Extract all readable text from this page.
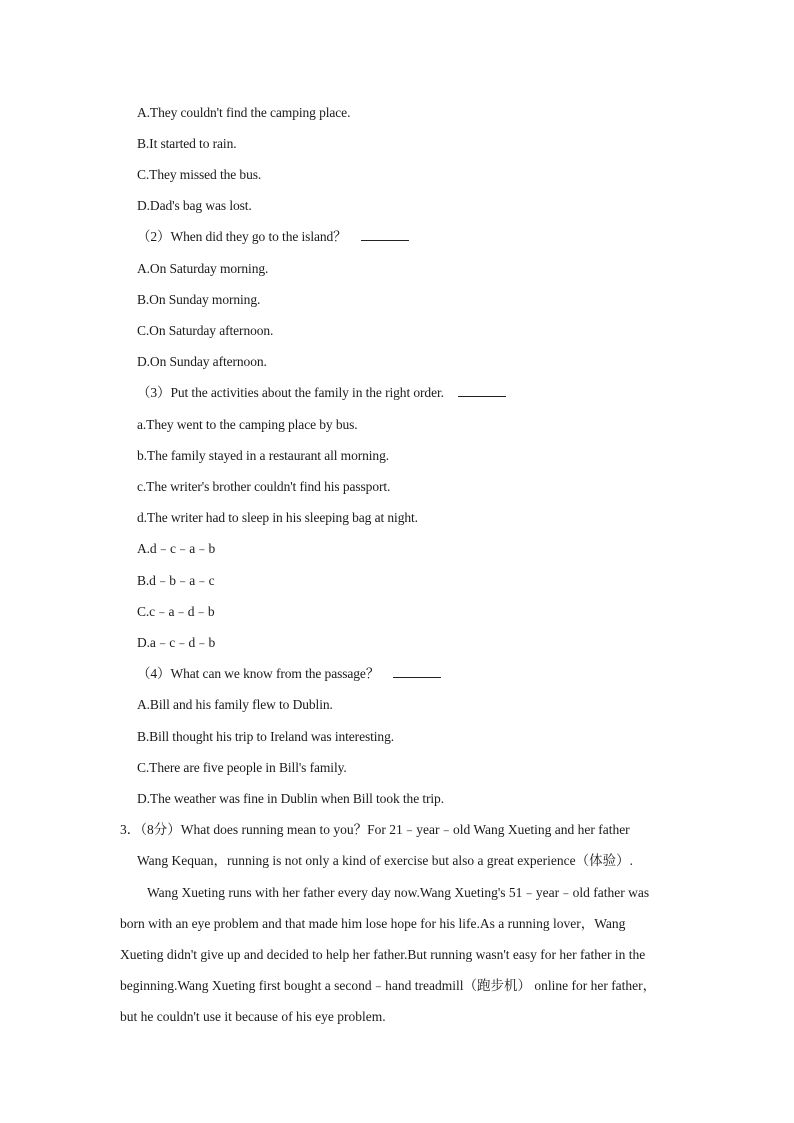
A.They couldn't find the camping place.
B.It started to rain.
C.They missed the bus.
D.Dad's bag was lost.
（2）When did they go to the island？
A.On Saturday morning.
B.On Sunday morning.
C.On Saturday afternoon.
D.On Sunday afternoon.
（3）Put the activities about the family in the right order.
a.They went to the camping place by bus.
b.The family stayed in a restaurant all morning.
c.The writer's brother couldn't find his passport.
d.The writer had to sleep in his sleeping bag at night.
A.d﹣c﹣a﹣b
B.d﹣b﹣a﹣c
C.c﹣a﹣d﹣b
D.a﹣c﹣d﹣b
（4）What can we know from the passage？
A.Bill and his family flew to Dublin.
B.Bill thought his trip to Ireland was interesting.
C.There are five people in Bill's family.
D.The weather was fine in Dublin when Bill took the trip.
3．（8分）What does running mean to you？For 21﹣year﹣old Wang Xueting and her father
Wang Kequan，running is not only a kind of exercise but also a great experience（体验）.
Wang Xueting runs with her father every day now.Wang Xueting's 51﹣year﹣old father was
born with an eye problem and that made him lose hope for his life.As a running lover，Wang
Xueting didn't give up and decided to help her father.But running wasn't easy for her father in the
beginning.Wang Xueting first bought a second﹣hand treadmill（跑步机） online for her father，
but he couldn't use it because of his eye problem.
